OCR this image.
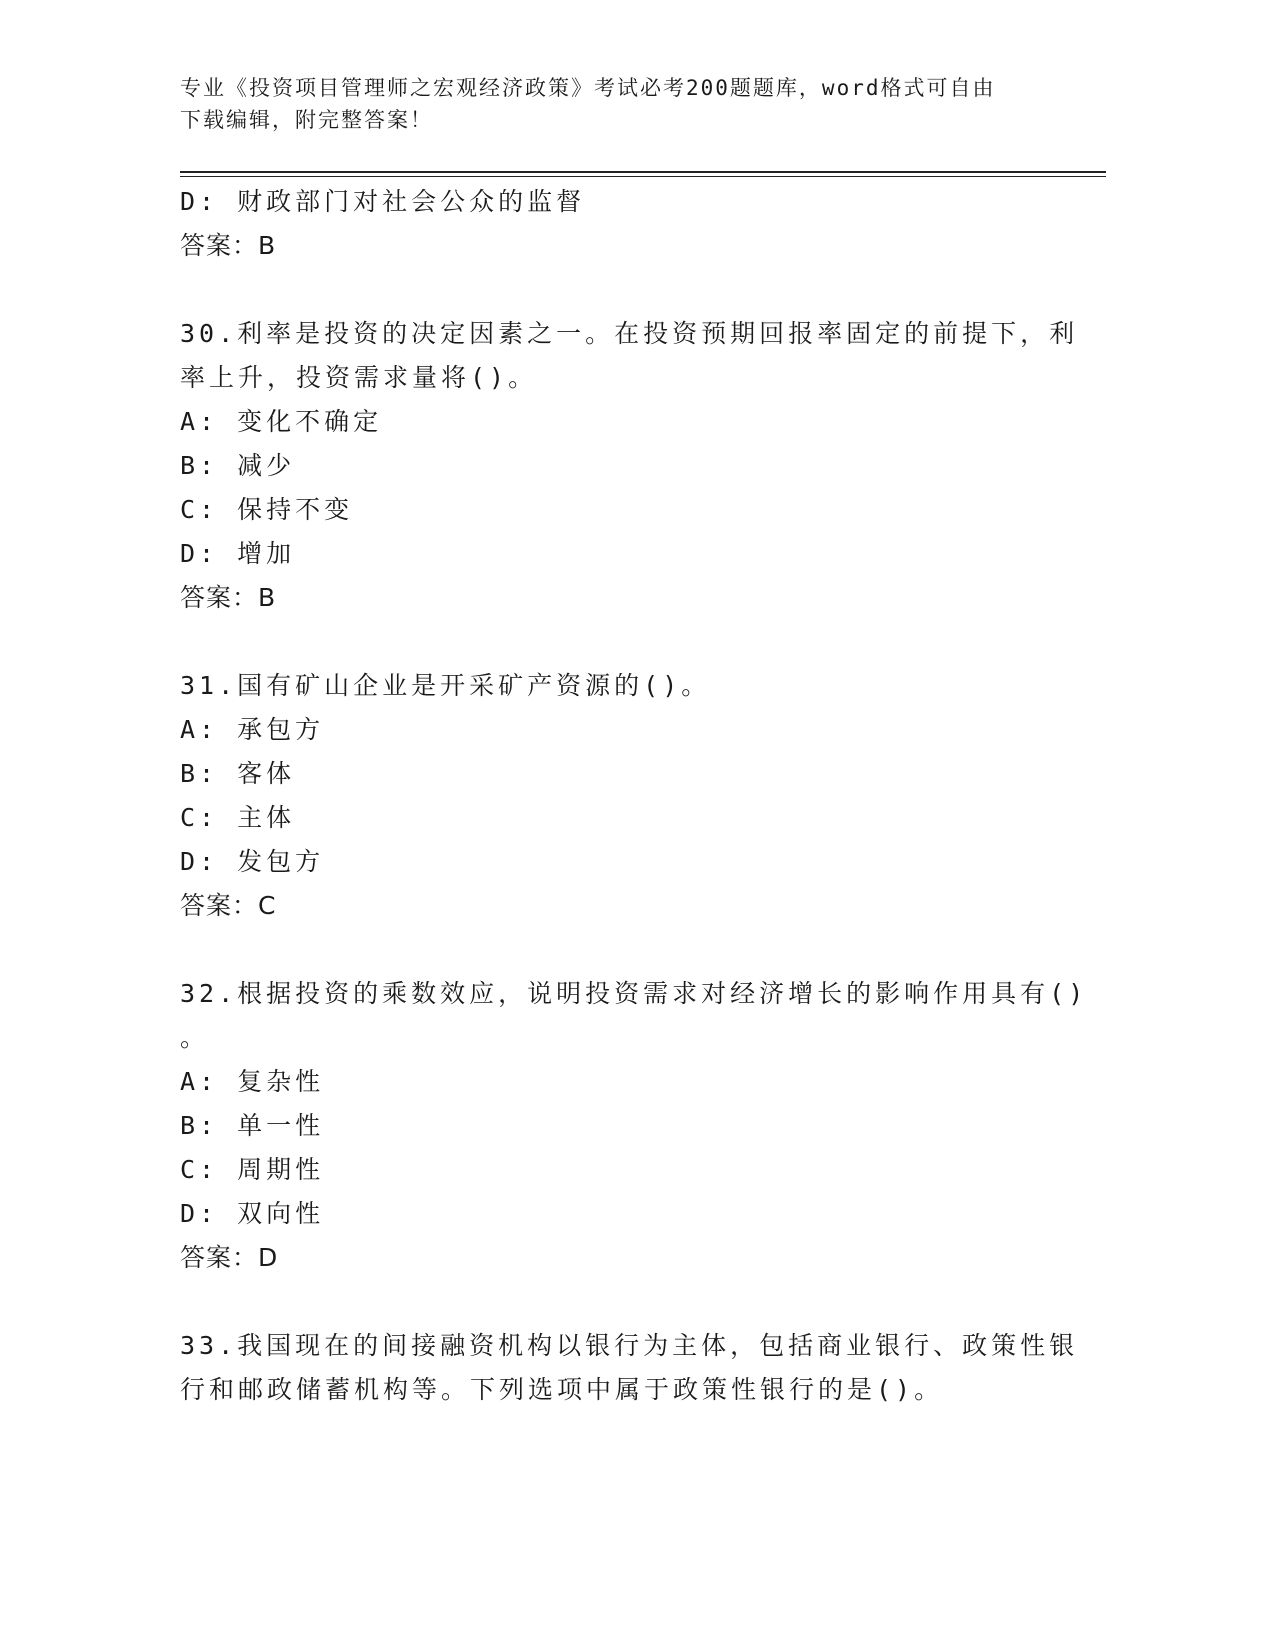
专业《投资项目管理师之宏观经济政策》考试必考200题题库，word格式可自由
下载编辑，附完整答案！
D: 财政部门对社会公众的监督
答案：B
30.利率是投资的决定因素之一。在投资预期回报率固定的前提下，利
率上升，投资需求量将()。
A: 变化不确定
B: 减少
C: 保持不变
D: 增加
答案：B
31.国有矿山企业是开采矿产资源的()。
A: 承包方
B: 客体
C: 主体
D: 发包方
答案：C
32.根据投资的乘数效应，说明投资需求对经济增长的影响作用具有()
。
A: 复杂性
B: 单一性
C: 周期性
D: 双向性
答案：D
33.我国现在的间接融资机构以银行为主体，包括商业银行、政策性银
行和邮政储蓄机构等。下列选项中属于政策性银行的是()。
